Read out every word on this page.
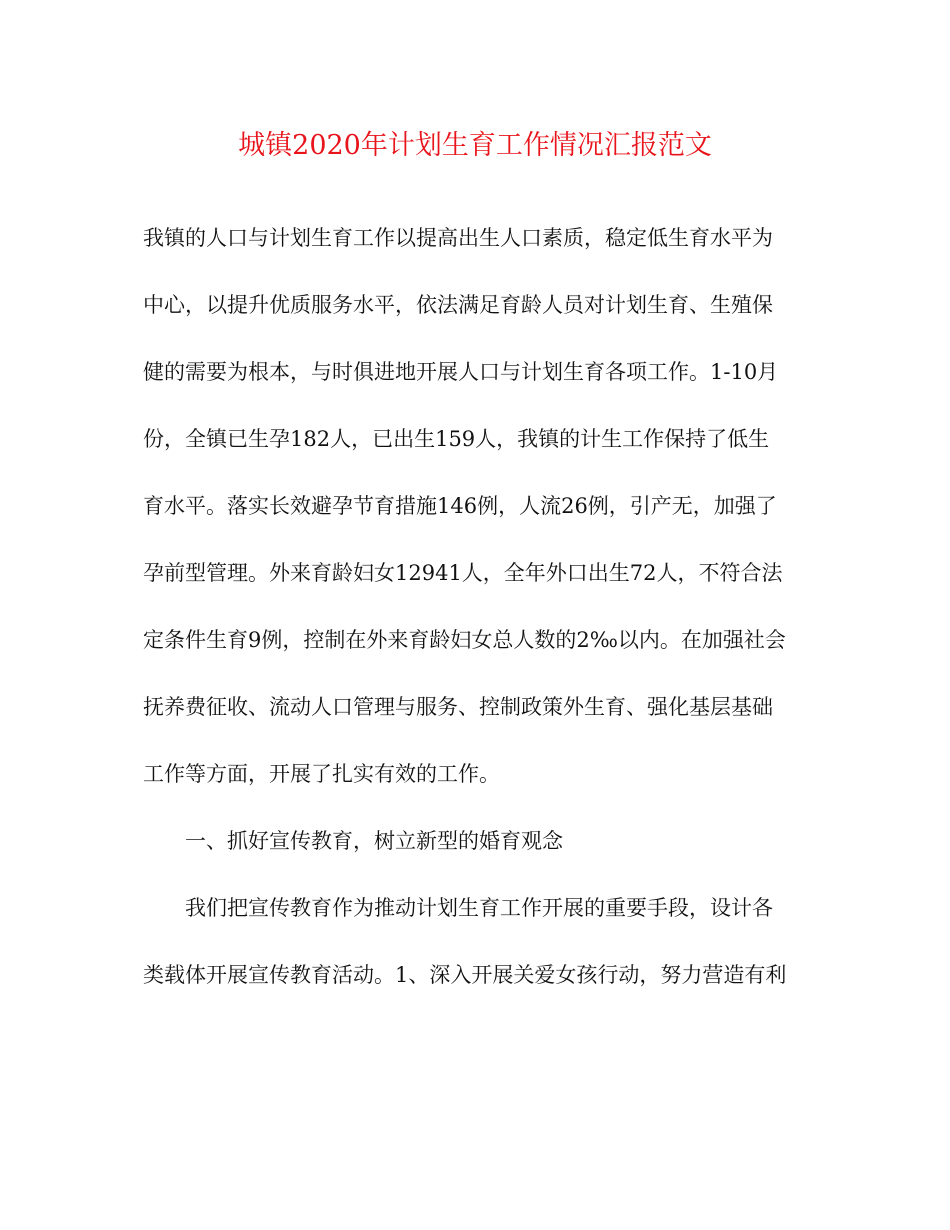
城镇2020年计划生育工作情况汇报范文
我镇的人口与计划生育工作以提高出生人口素质，稳定低生育水平为
中心，以提升优质服务水平，依法满足育龄人员对计划生育、生殖保
健的需要为根本，与时俱进地开展人口与计划生育各项工作。1-10月
份，全镇已生孕182人，已出生159人，我镇的计生工作保持了低生
育水平。落实长效避孕节育措施146例，人流26例，引产无，加强了
孕前型管理。外来育龄妇女12941人，全年外口出生72人，不符合法
定条件生育9例，控制在外来育龄妇女总人数的2‰以内。在加强社会
抚养费征收、流动人口管理与服务、控制政策外生育、强化基层基础
工作等方面，开展了扎实有效的工作。
一、抓好宣传教育，树立新型的婚育观念
我们把宣传教育作为推动计划生育工作开展的重要手段，设计各
类载体开展宣传教育活动。1、深入开展关爱女孩行动，努力营造有利
